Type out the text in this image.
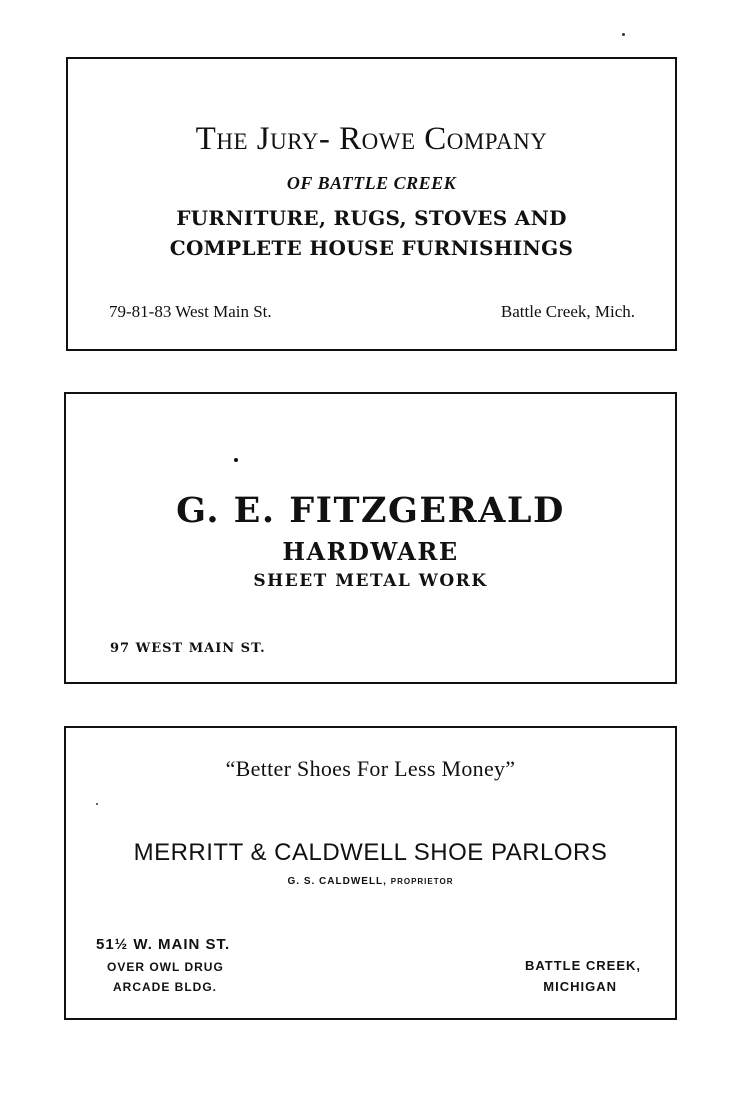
The Jury- Rowe Company
OF BATTLE CREEK
FURNITURE, RUGS, STOVES AND
COMPLETE HOUSE FURNISHINGS
79-81-83 West Main St.	Battle Creek, Mich.
G. E. FITZGERALD
HARDWARE
SHEET METAL WORK
97 WEST MAIN ST.
“Better Shoes For Less Money”
MERRITT & CALDWELL SHOE PARLORS
G. S. CALDWELL, PROPRIETOR
51½ W. MAIN ST.
OVER OWL DRUG
ARCADE BLDG.
BATTLE CREEK,
MICHIGAN
